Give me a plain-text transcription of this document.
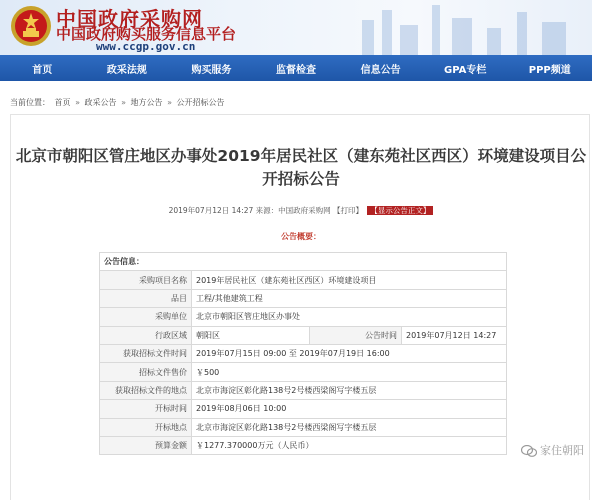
中国政府采购网
中国政府购买服务信息平台
www.ccgp.gov.cn
首页	政采法规	购买服务	监督检查	信息公告	GPA专栏	PPP频道
当前位置： 首页 » 政采公告 » 地方公告 » 公开招标公告
北京市朝阳区管庄地区办事处2019年居民社区（建东苑社区西区）环境建设项目公
开招标公告
2019年07月12日 14:27 来源：中国政府采购网 【打印】 【显示公告正文】
公告概要：
公告信息：			
采购项目名称	2019年居民社区（建东苑社区西区）环境建设项目		
品目	工程/其他建筑工程		
采购单位	北京市朝阳区管庄地区办事处		
行政区域	朝阳区	公告时间	2019年07月12日 14:27
获取招标文件时间	2019年07月15日 09:00 至 2019年07月19日 16:00		
招标文件售价	￥500		
获取招标文件的地点	北京市海淀区彰化路138号2号楼西梁阁写字楼五层		
开标时间	2019年08月06日 10:00		
开标地点	北京市海淀区彰化路138号2号楼西梁阁写字楼五层		
预算金额	￥1277.370000万元（人民币）			家住朝阳
